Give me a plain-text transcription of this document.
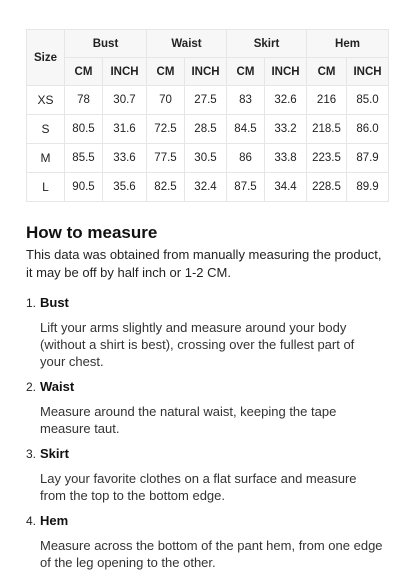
Size	Bust		Waist		Skirt		Hem	
	CM	INCH	CM	INCH	CM	INCH	CM	INCH
XS	78	30.7	70	27.5	83	32.6	216	85.0
S	80.5	31.6	72.5	28.5	84.5	33.2	218.5	86.0
M	85.5	33.6	77.5	30.5	86	33.8	223.5	87.9
L	90.5	35.6	82.5	32.4	87.5	34.4	228.5	89.9
How to measure

This data was obtained from manually measuring the product, it may be off by half inch or 1-2 CM.

1. Bust

Lift your arms slightly and measure around your body (without a shirt is best), crossing over the fullest part of your chest.

2. Waist

Measure around the natural waist, keeping the tape measure taut.

3. Skirt

Lay your favorite clothes on a flat surface and measure from the top to the bottom edge.

4. Hem

Measure across the bottom of the pant hem, from one edge of the leg opening to the other.
